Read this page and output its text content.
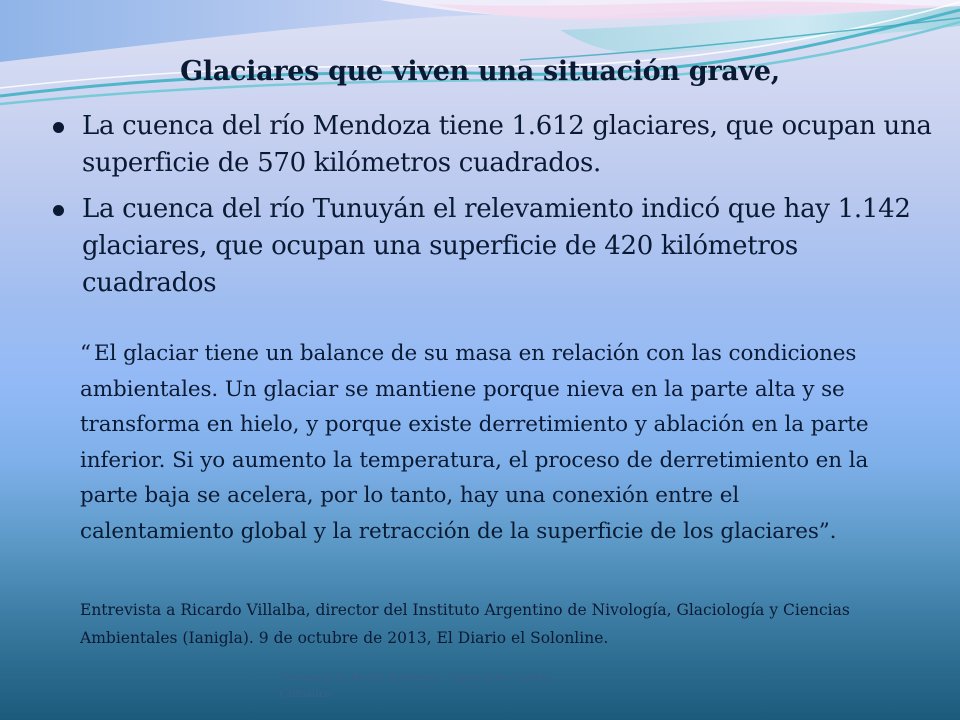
Glaciares que viven una situación grave,
La cuenca del río Mendoza tiene 1.612 glaciares, que ocupan una superficie de 570 kilómetros cuadrados.
La cuenca del río Tunuyán el relevamiento indicó que hay 1.142 glaciares, que ocupan una superficie de 420 kilómetros cuadrados

“ El glaciar tiene un balance de su masa en relación con las condiciones ambientales. Un glaciar se mantiene porque nieva en la parte alta y se transforma en hielo, y porque existe derretimiento y ablación en la parte inferior. Si yo aumento la temperatura, el proceso de derretimiento en la parte baja se acelera, por lo tanto, hay una conexión entre el calentamiento global y la retracción de la superficie de los glaciares”.

Entrevista a Ricardo Villalba, director del Instituto Argentino de Nivología, Glaciología y Ciencias Ambientales (Ianigla). 9 de octubre de 2013, El Diario el Solonline.

Secretaría de Medio Ambiente - Agencia de Cambio Climático
